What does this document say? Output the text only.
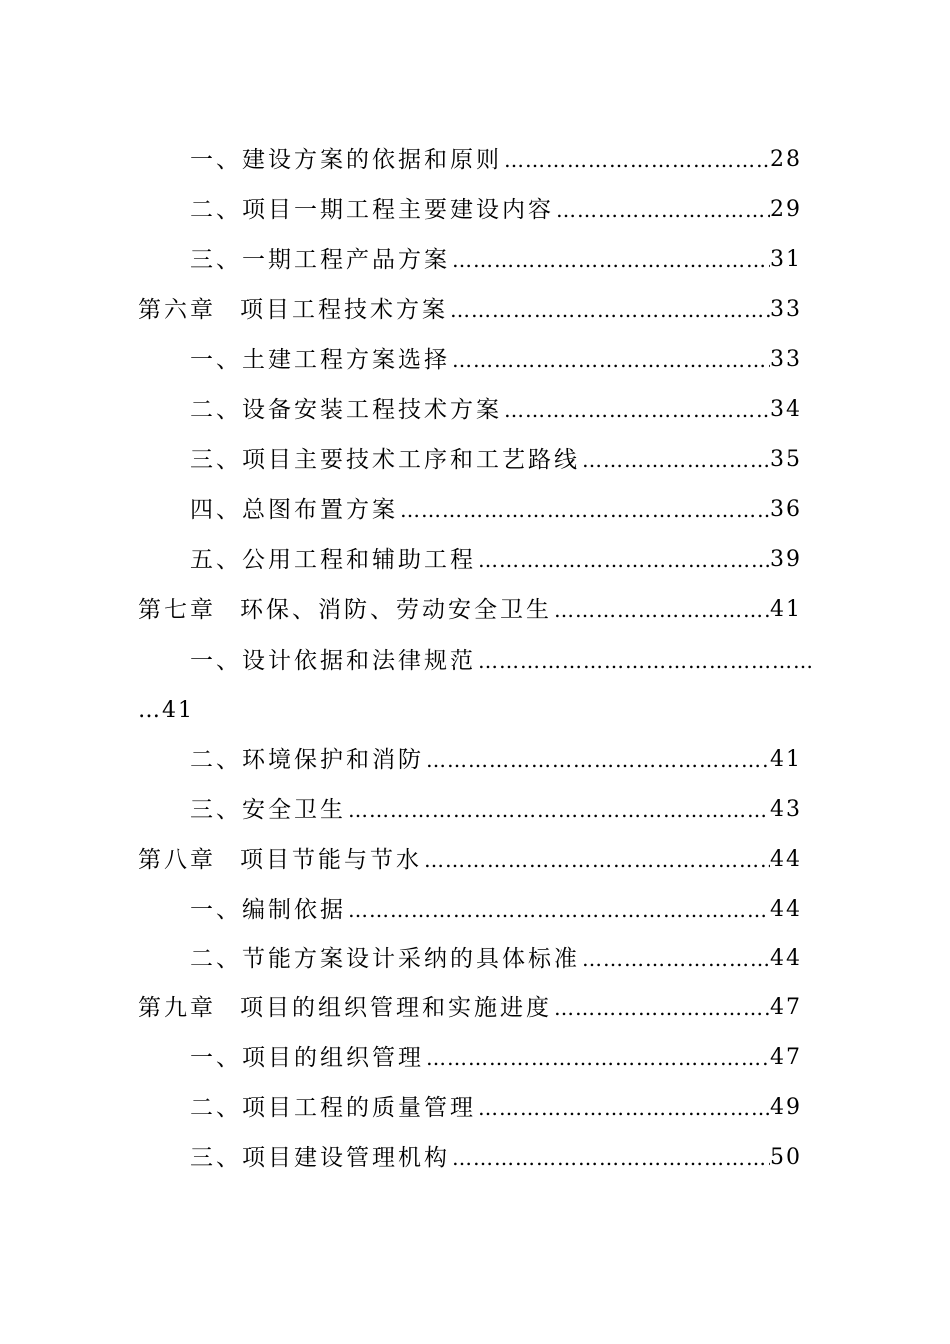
一、建设方案的依据和原则 …………………………………………………………………………………………………………………………………………………………………………	28
二、项目一期工程主要建设内容 …………………………………………………………………………………………………………………………………………………………………………	29
三、一期工程产品方案 …………………………………………………………………………………………………………………………………………………………………………	31
第六章 项目工程技术方案 …………………………………………………………………………………………………………………………………………………………………………	33
一、土建工程方案选择 …………………………………………………………………………………………………………………………………………………………………………	33
二、设备安装工程技术方案 …………………………………………………………………………………………………………………………………………………………………………	34
三、项目主要技术工序和工艺路线 …………………………………………………………………………………………………………………………………………………………………………	35
四、总图布置方案 …………………………………………………………………………………………………………………………………………………………………………	36
五、公用工程和辅助工程 …………………………………………………………………………………………………………………………………………………………………………	39
第七章 环保、消防、劳动安全卫生 …………………………………………………………………………………………………………………………………………………………………………	41
一、设计依据和法律规范
…………………………………………………………………………………………………………………………………………………………………………
…41
二、环境保护和消防 …………………………………………………………………………………………………………………………………………………………………………	41
三、安全卫生 …………………………………………………………………………………………………………………………………………………………………………	43
第八章 项目节能与节水 …………………………………………………………………………………………………………………………………………………………………………	44
一、编制依据 …………………………………………………………………………………………………………………………………………………………………………	44
二、节能方案设计采纳的具体标准 …………………………………………………………………………………………………………………………………………………………………………	44
第九章 项目的组织管理和实施进度 …………………………………………………………………………………………………………………………………………………………………………	47
一、项目的组织管理 …………………………………………………………………………………………………………………………………………………………………………	47
二、项目工程的质量管理 …………………………………………………………………………………………………………………………………………………………………………	49
三、项目建设管理机构 …………………………………………………………………………………………………………………………………………………………………………	50
